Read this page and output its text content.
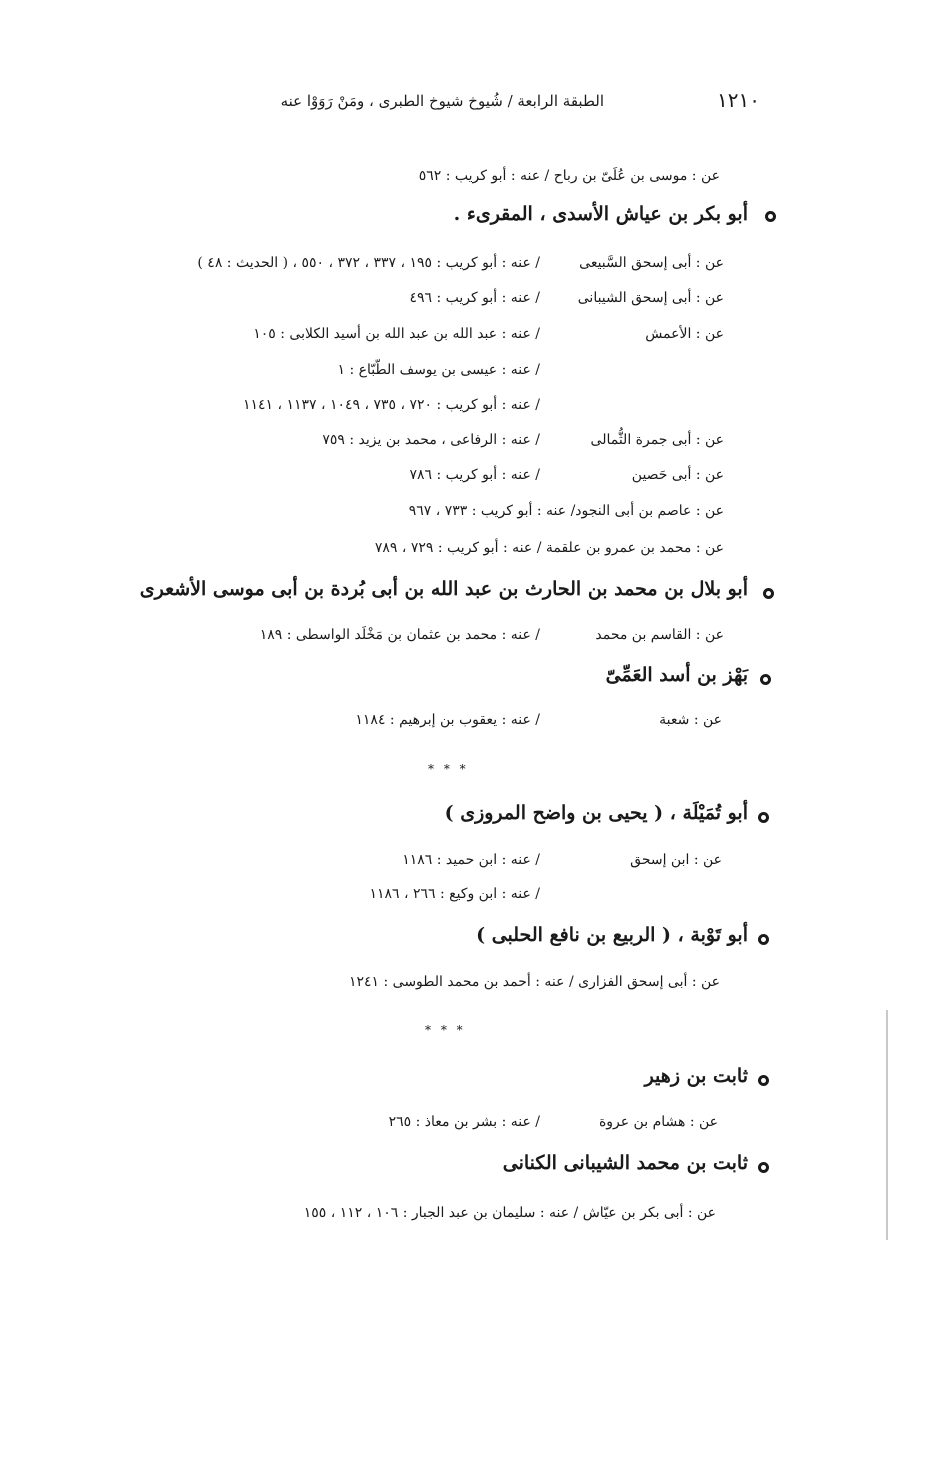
١٢١٠
الطبقة الرابعة / شُيوخ شيوخ الطبرى ، ومَنْ رَوَوْا عنه
عن : موسى بن عُلَىّ بن رباح / عنه : أبو كريب : ٥٦٢
أبو بكر بن عياش الأسدى ، المقرىء .
عن : أبى إسحق السَّبيعى
/ عنه : أبو كريب : ١٩٥ ، ٣٣٧ ، ٣٧٢ ، ٥٥٠ ، ( الحديث : ٤٨ )
عن : أبى إسحق الشيبانى
/ عنه : أبو كريب : ٤٩٦
عن : الأعمش
/ عنه : عبد الله بن عبد الله بن أسيد الكلابى : ١٠٥
/ عنه : عيسى بن يوسف الطّبّاع : ١
/ عنه : أبو كريب : ٧٢٠ ، ٧٣٥ ، ١٠٤٩ ، ١١٣٧ ، ١١٤١
عن : أبى جمرة الثُّمالى
/ عنه : الرفاعى ، محمد بن يزيد : ٧٥٩
عن : أبى حَصين
/ عنه : أبو كريب : ٧٨٦
عن : عاصم بن أبى النجود/ عنه : أبو كريب : ٧٣٣ ، ٩٦٧
عن : محمد بن عمرو بن علقمة / عنه : أبو كريب : ٧٢٩ ، ٧٨٩
أبو بلال بن محمد بن الحارث بن عبد الله بن أبى بُردة بن أبى موسى الأشعرى
عن : القاسم بن محمد
/ عنه : محمد بن عثمان بن مَخْلَد الواسطى : ١٨٩
بَهْز بن أسد العَمِّىّ
عن : شعبة
/ عنه : يعقوب بن إبرهيم : ١١٨٤
* * *
أبو تُمَيْلَة ، ( يحيى بن واضح المروزى )
عن : ابن إسحق
/ عنه : ابن حميد : ١١٨٦
/ عنه : ابن وكيع : ٢٦٦ ، ١١٨٦
أبو تَوْبة ، ( الربيع بن نافع الحلبى )
عن : أبى إسحق الفزارى / عنه : أحمد بن محمد الطوسى : ١٢٤١
* * *
ثابت بن زهير
عن : هشام بن عروة
/ عنه : بشر بن معاذ : ٢٦٥
ثابت بن محمد الشيبانى الكنانى
عن : أبى بكر بن عيّاش / عنه : سليمان بن عبد الجبار : ١٠٦ ، ١١٢ ، ١٥٥
